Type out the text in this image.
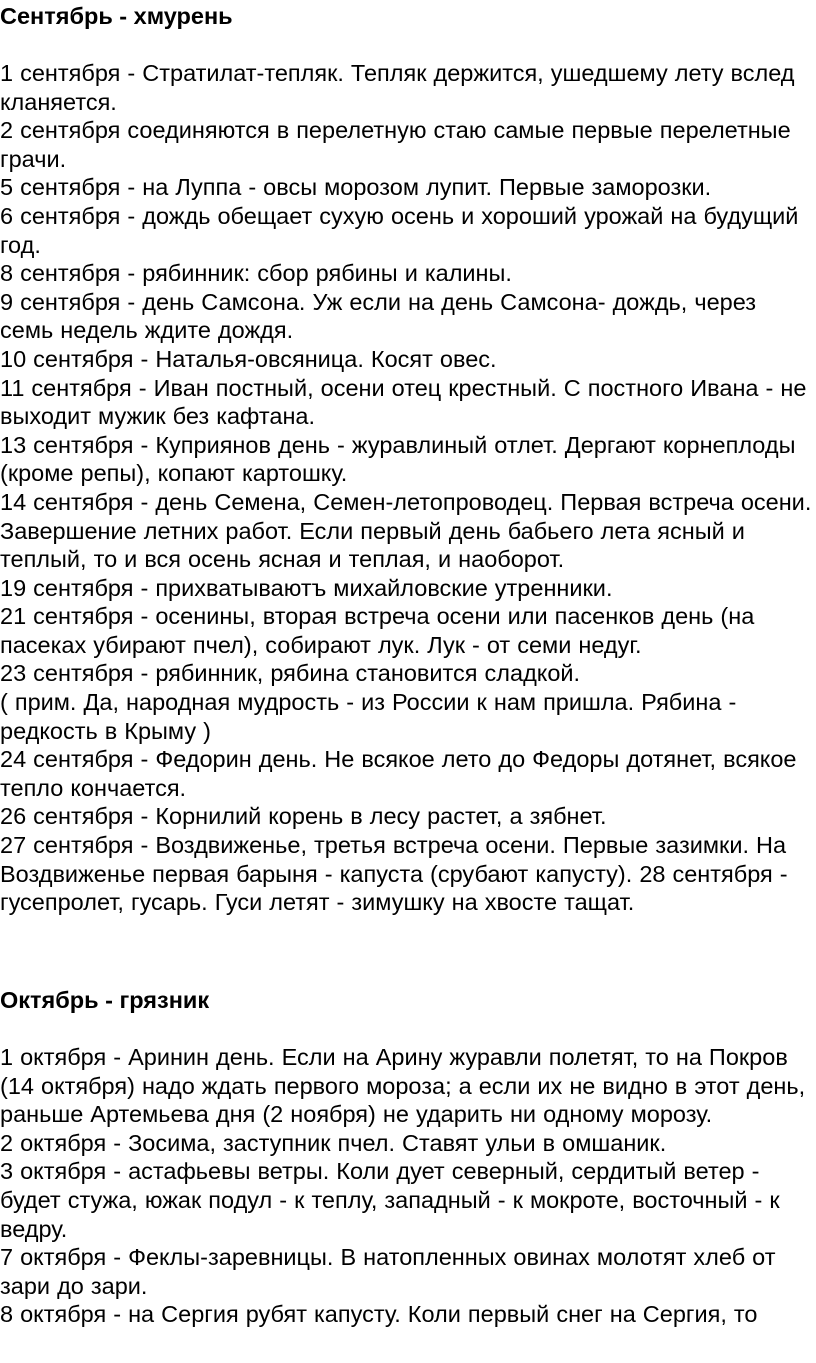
Сентябрь - хмурень

1 сентября - Стратилат-тепляк. Тепляк держится, ушедшему лету вслед кланяется.

2 сентября соединяются в перелетную стаю самые первые перелетные грачи.

5 сентября - на Луппа - овсы морозом лупит. Первые заморозки.

6 сентября - дождь обещает сухую осень и хороший урожай на будущий год.

8 сентября - рябинник: сбор рябины и калины.

9 сентября - день Самсона. Уж если на день Самсона- дождь, через семь недель ждите дождя.

10 сентября - Наталья-овсяница. Косят овес.

11 сентября - Иван постный, осени отец крестный. С постного Ивана - не выходит мужик без кафтана.

13 сентября - Куприянов день - журавлиный отлет. Дергают корнеплоды (кроме репы), копают картошку.

14 сентября - день Семена, Семен-летопроводец. Первая встреча осени. Завершение летних работ. Если первый день бабьего лета ясный и теплый, то и вся осень ясная и теплая, и наоборот.

19 сентября - прихватываютъ михайловские утренники.

21 сентября - осенины, вторая встреча осени или пасенков день (на пасеках убирают пчел), собирают лук. Лук - от семи недуг.

23 сентября - рябинник, рябина становится сладкой.

( прим. Да, народная мудрость - из России к нам пришла. Рябина - редкость в Крыму )

24 сентября - Федорин день. Не всякое лето до Федоры дотянет, всякое тепло кончается.

26 сентября - Корнилий корень в лесу растет, а зябнет.

27 сентября - Воздвиженье, третья встреча осени. Первые зазимки. На Воздвиженье первая барыня - капуста (срубают капусту). 28 сентября - гусепролет, гусарь. Гуси летят - зимушку на хвосте тащат.

Октябрь - грязник

1 октября - Аринин день. Если на Арину журавли полетят, то на Покров (14 октября) надо ждать первого мороза; а если их не видно в этот день, раньше Артемьева дня (2 ноября) не ударить ни одному морозу.

2 октября - Зосима, заступник пчел. Ставят ульи в омшаник.

3 октября - астафьевы ветры. Коли дует северный, сердитый ветер - будет стужа, южак подул - к теплу, западный - к мокроте, восточный - к ведру.

7 октября - Феклы-заревницы. В натопленных овинах молотят хлеб от зари до зари.

8 октября - на Сергия рубят капусту. Коли первый снег на Сергия, то
